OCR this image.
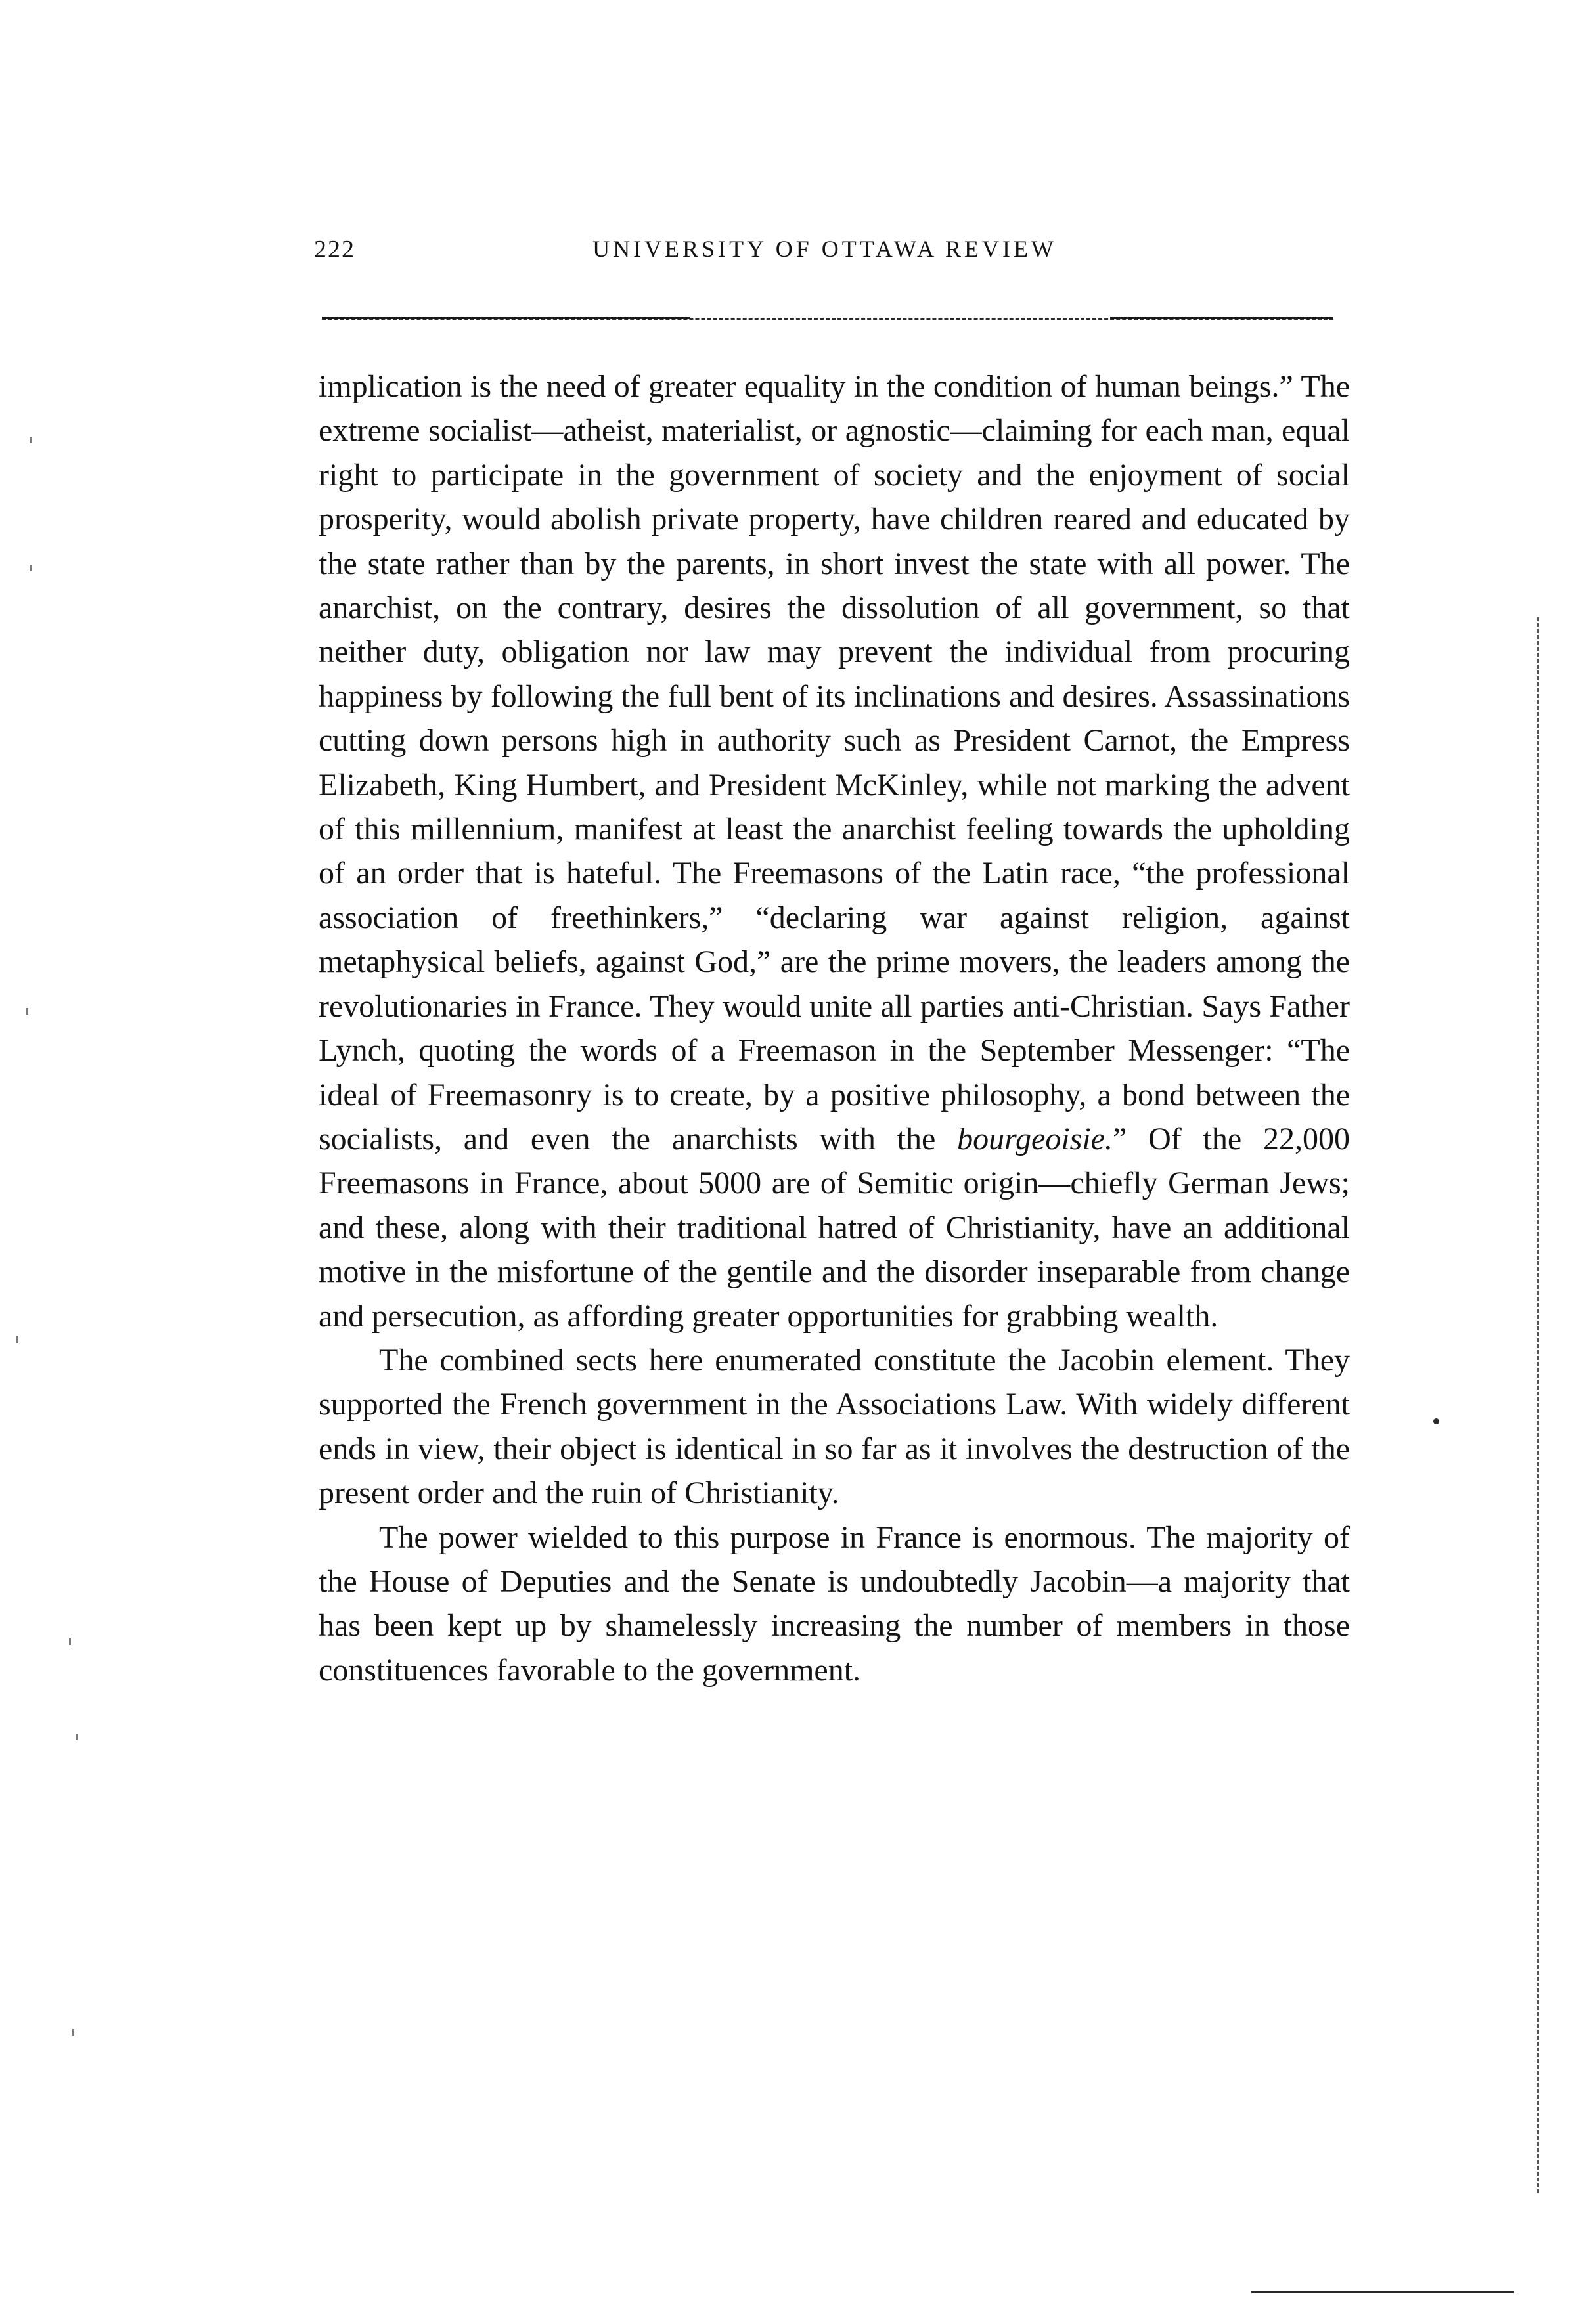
222	UNIVERSITY OF OTTAWA REVIEW

implication is the need of greater equality in the condition of human beings.” The extreme socialist—atheist, materialist, or agnostic—claiming for each man, equal right to participate in the government of society and the enjoyment of social prosperity, would abolish private property, have children reared and educated by the state rather than by the parents, in short invest the state with all power. The anarchist, on the contrary, desires the dissolution of all government, so that neither duty, obligation nor law may prevent the individual from procuring happiness by following the full bent of its inclinations and desires. Assassinations cutting down persons high in authority such as President Carnot, the Empress Elizabeth, King Humbert, and President McKinley, while not marking the advent of this millennium, manifest at least the anarchist feeling towards the upholding of an order that is hateful. The Freemasons of the Latin race, “the professional association of freethinkers,” “declaring war against religion, against metaphysical beliefs, against God,” are the prime movers, the leaders among the revolutionaries in France. They would unite all parties anti-Christian. Says Father Lynch, quoting the words of a Freemason in the September Messenger: “The ideal of Freemasonry is to create, by a positive philosophy, a bond between the socialists, and even the anarchists with the bourgeoisie.” Of the 22,000 Freemasons in France, about 5000 are of Semitic origin—chiefly German Jews; and these, along with their traditional hatred of Christianity, have an additional motive in the misfortune of the gentile and the disorder inseparable from change and persecution, as affording greater opportunities for grabbing wealth.

The combined sects here enumerated constitute the Jacobin element. They supported the French government in the Associations Law. With widely different ends in view, their object is identical in so far as it involves the destruction of the present order and the ruin of Christianity.

The power wielded to this purpose in France is enormous. The majority of the House of Deputies and the Senate is undoubtedly Jacobin—a majority that has been kept up by shamelessly increasing the number of members in those constituences favorable to the government.
